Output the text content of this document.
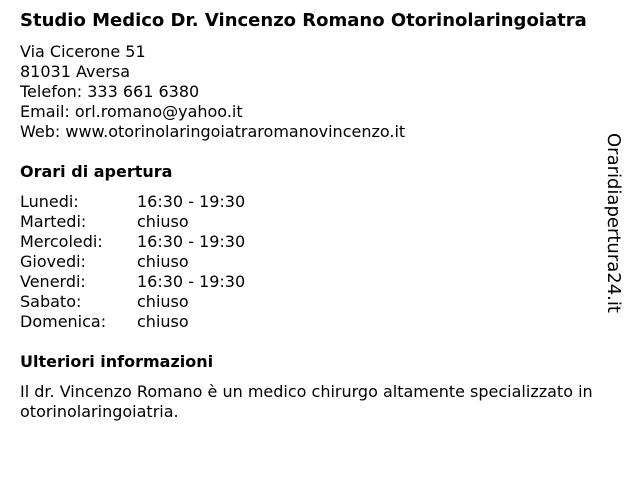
Studio Medico Dr. Vincenzo Romano Otorinolaringoiatra
Via Cicerone 51
81031 Aversa
Telefon: 333 661 6380
Email: orl.romano@yahoo.it
Web: www.otorinolaringoiatraromanovincenzo.it
Orari di apertura
Lunedi:	16:30 - 19:30
Martedi:	chiuso
Mercoledi: 16:30 - 19:30
Giovedi:	chiuso
Venerdi:	16:30 - 19:30
Sabato:	chiuso
Domenica: chiuso
Ulteriori informazioni
Il dr. Vincenzo Romano è un medico chirurgo altamente specializzato in otorinolaringoiatria.
Oraridiapertura24.it
